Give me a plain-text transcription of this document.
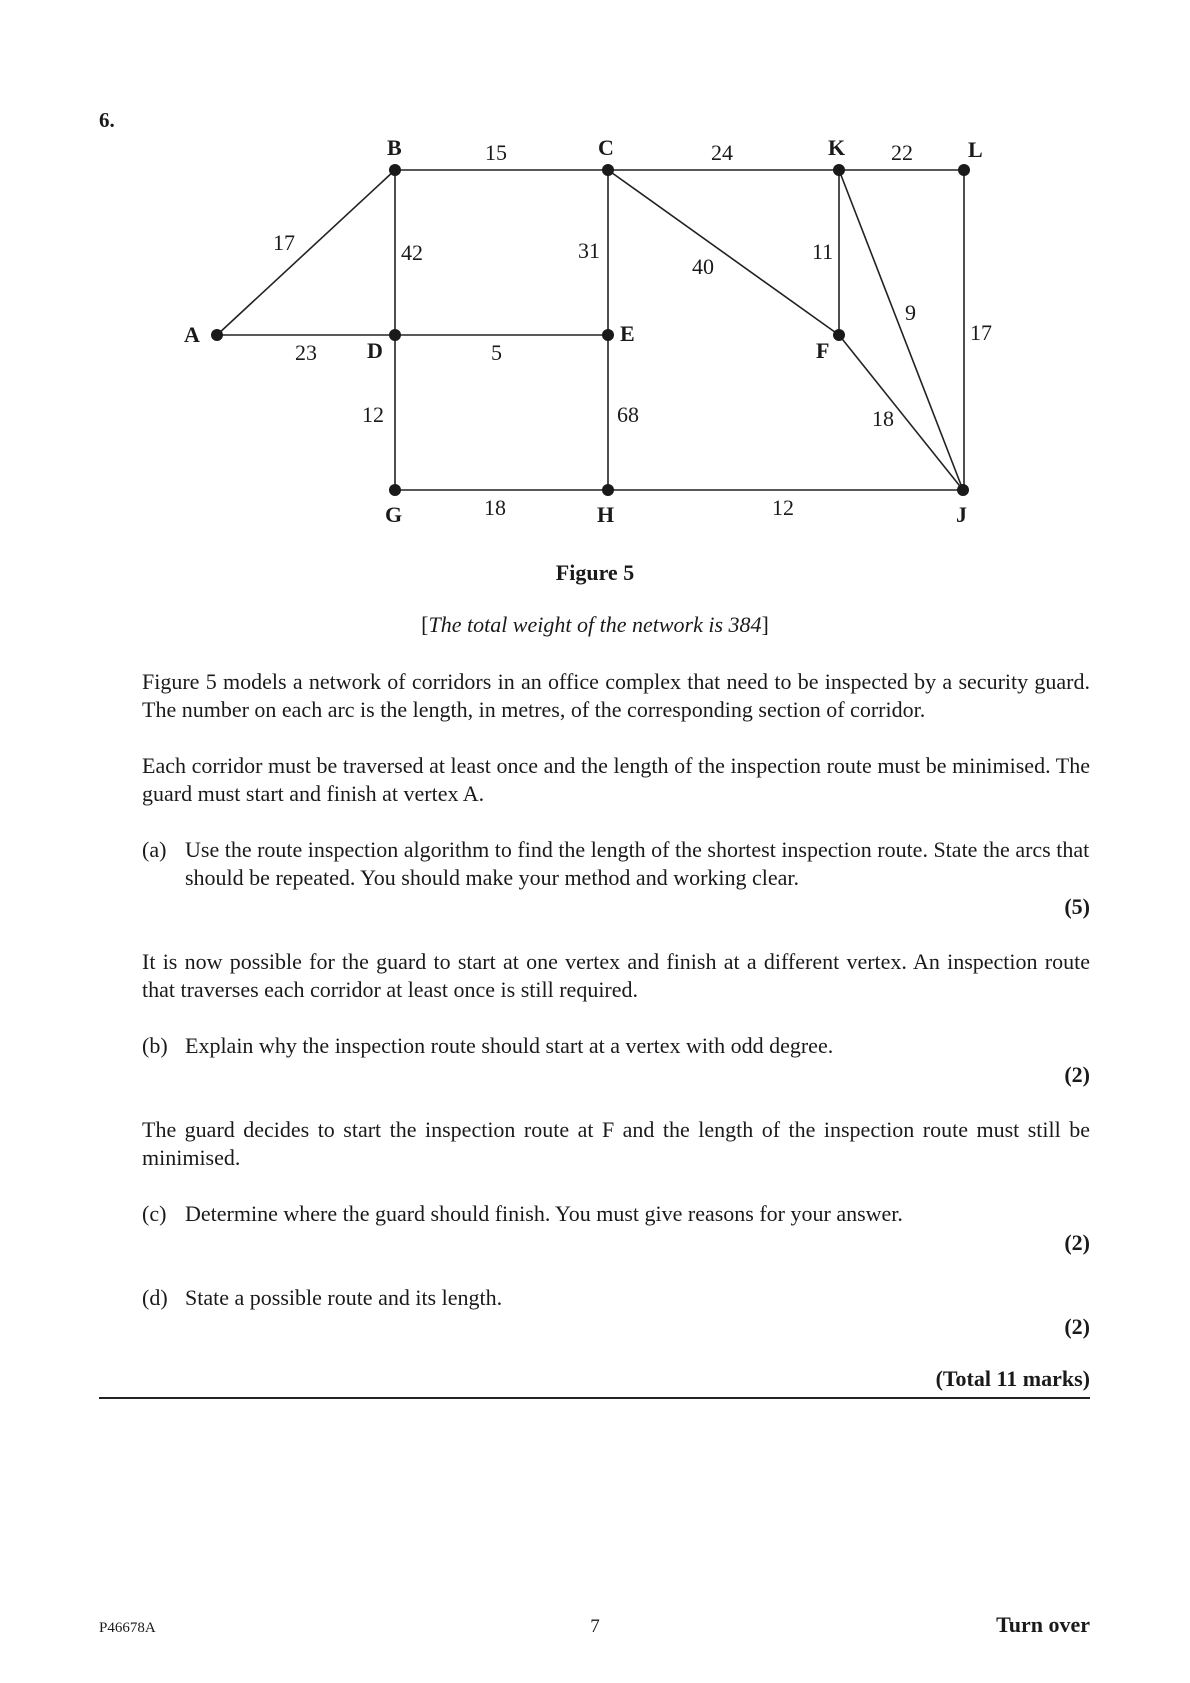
6.
A
B	C	K	L
D
E
F
G	H	J
17
23
15
42	31
24
40
22
11
9
17
5
12	68	18
18	12
Figure 5
[The total weight of the network is 384]
Figure 5 models a network of corridors in an office complex that need to be inspected by a security guard. The number on each arc is the length, in metres, of the corresponding section of corridor.
Each corridor must be traversed at least once and the length of the inspection route must be minimised. The guard must start and finish at vertex A.
(a) Use the route inspection algorithm to find the length of the shortest inspection route. State the arcs that should be repeated. You should make your method and working clear.
(5)
It is now possible for the guard to start at one vertex and finish at a different vertex. An inspection route that traverses each corridor at least once is still required.
(b) Explain why the inspection route should start at a vertex with odd degree.
(2)
The guard decides to start the inspection route at F and the length of the inspection route must still be minimised.
(c) Determine where the guard should finish. You must give reasons for your answer.
(2)
(d) State a possible route and its length.
(2)
(Total 11 marks)
P46678A	7	Turn over
